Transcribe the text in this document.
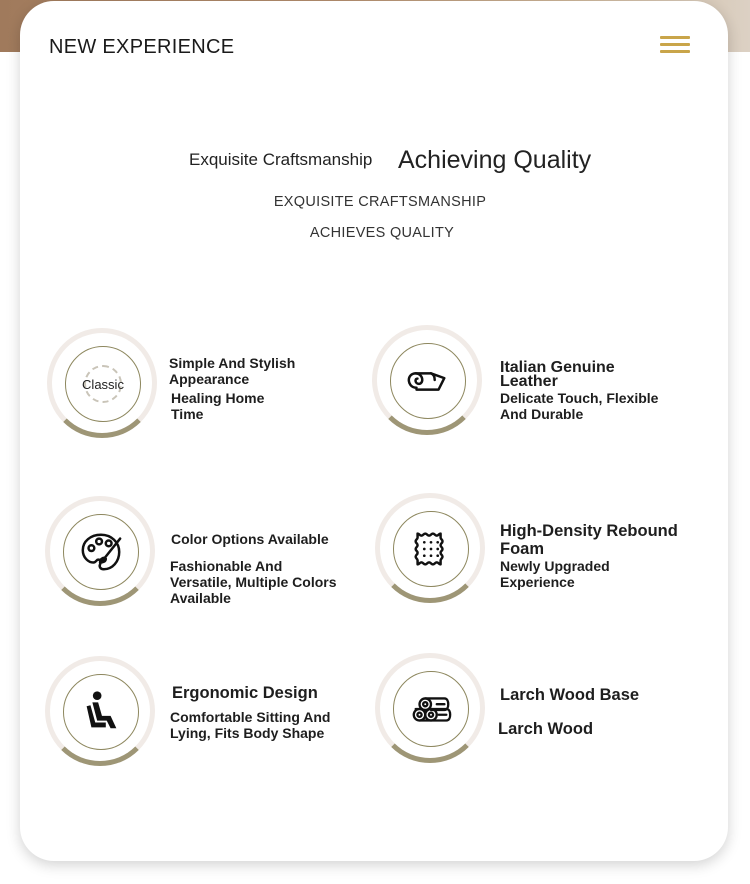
NEW EXPERIENCE
Exquisite Craftsmanship Achieving Quality
EXQUISITE CRAFTSMANSHIP
ACHIEVES QUALITY
Classic
Simple And Stylish Appearance
Healing Home Time
Italian Genuine Leather
Delicate Touch, Flexible And Durable
Color Options Available
Fashionable And Versatile, Multiple Colors Available
High-Density Rebound Foam
Newly Upgraded Experience
Ergonomic Design
Comfortable Sitting And Lying, Fits Body Shape
Larch Wood Base
Larch Wood
